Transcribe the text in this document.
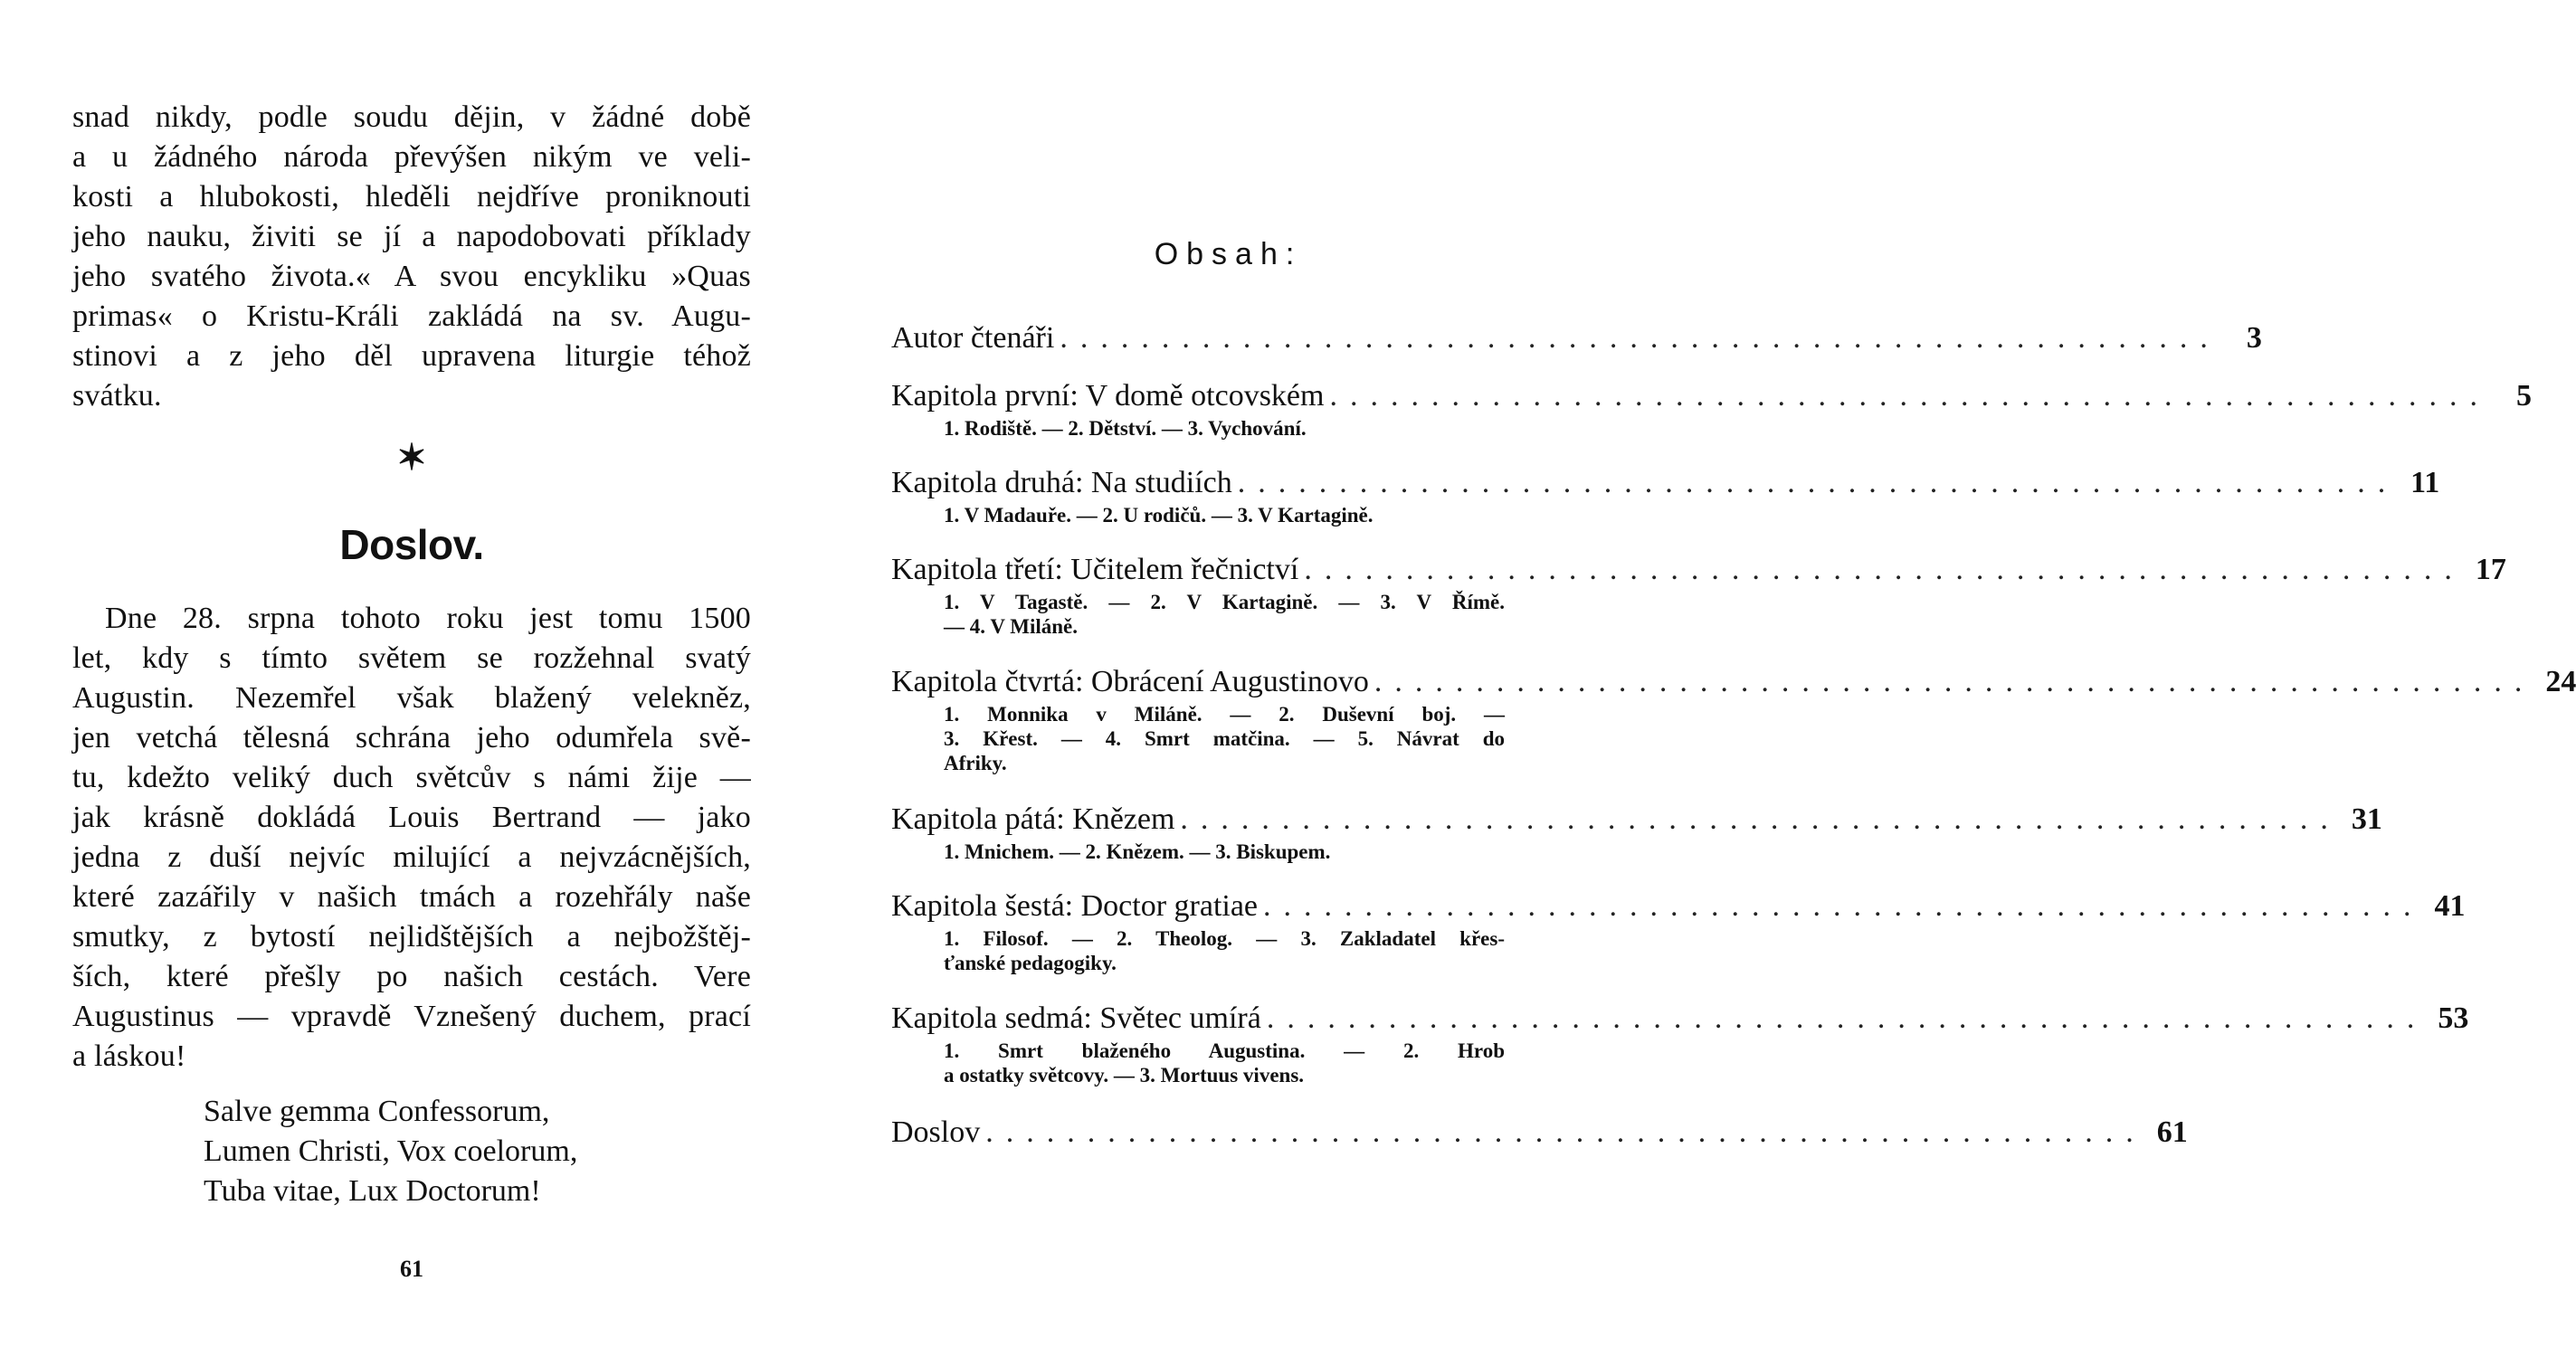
snad nikdy, podle soudu dějin, v žádné době
a u žádného národa převýšen nikým ve veli-
kosti a hlubokosti, hleděli nejdříve proniknouti
jeho nauku, živiti se jí a napodobovati příklady
jeho svatého života.« A svou encykliku »Quas
primas« o Kristu-Králi zakládá na sv. Augu-
stinovi a z jeho děl upravena liturgie téhož
svátku.
✶
Doslov.
Dne 28. srpna tohoto roku jest tomu 1500
let, kdy s tímto světem se rozžehnal svatý
Augustin. Nezemřel však blažený velekněz,
jen vetchá tělesná schrána jeho odumřela svě-
tu, kdežto veliký duch světcův s námi žije —
jak krásně dokládá Louis Bertrand — jako
jedna z duší nejvíc milující a nejvzácnějších,
které zazářily v našich tmách a rozehřály naše
smutky, z bytostí nejlidštějších a nejbožštěj-
ších, které přešly po našich cestách. Vere
Augustinus — vpravdě Vznešený duchem, prací
a láskou!
Salve gemma Confessorum,
Lumen Christi, Vox coelorum,
Tuba vitae, Lux Doctorum!
61
Obsah:
Autor čtenáři ......................................................... 3
Kapitola první: V domě otcovském ......................................................... 5
1. Rodiště. — 2. Dětství. — 3. Vychování.
Kapitola druhá: Na studiích ......................................................... 11
1. V Madauře. — 2. U rodičů. — 3. V Kartagině.
Kapitola třetí: Učitelem řečnictví ......................................................... 17
1. V Tagastě. — 2. V Kartagině. — 3. V Římě.
— 4. V Miláně.
Kapitola čtvrtá: Obrácení Augustinovo ......................................................... 24
1. Monnika v Miláně. — 2. Duševní boj. —
3. Křest. — 4. Smrt matčina. — 5. Návrat do
Afriky.
Kapitola pátá: Knězem ......................................................... 31
1. Mnichem. — 2. Knězem. — 3. Biskupem.
Kapitola šestá: Doctor gratiae ......................................................... 41
1. Filosof. — 2. Theolog. — 3. Zakladatel křes-
ťanské pedagogiky.
Kapitola sedmá: Světec umírá ......................................................... 53
1. Smrt blaženého Augustina. — 2. Hrob
a ostatky světcovy. — 3. Mortuus vivens.
Doslov ......................................................... 61
